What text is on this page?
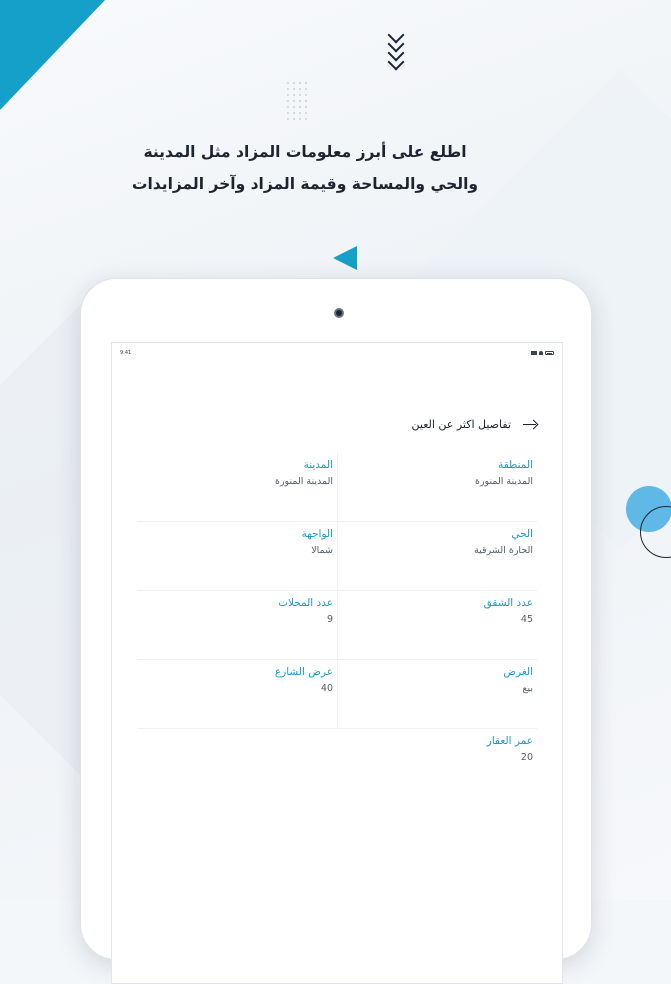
اطلع على أبرز معلومات المزاد مثل المدينة
والحي والمساحة وقيمة المزاد وآخر المزايدات
9:41
تفاصيل اكثر عن العين
المنطقة
المدينة المنورة
المدينة
المدينة المنورة
الحي
الحارة الشرقية
الواجهة
شمالا
عدد الشقق
45
عدد المحلات
9
الغرض
بيع
عرض الشارع
40
عمر العقار
20
